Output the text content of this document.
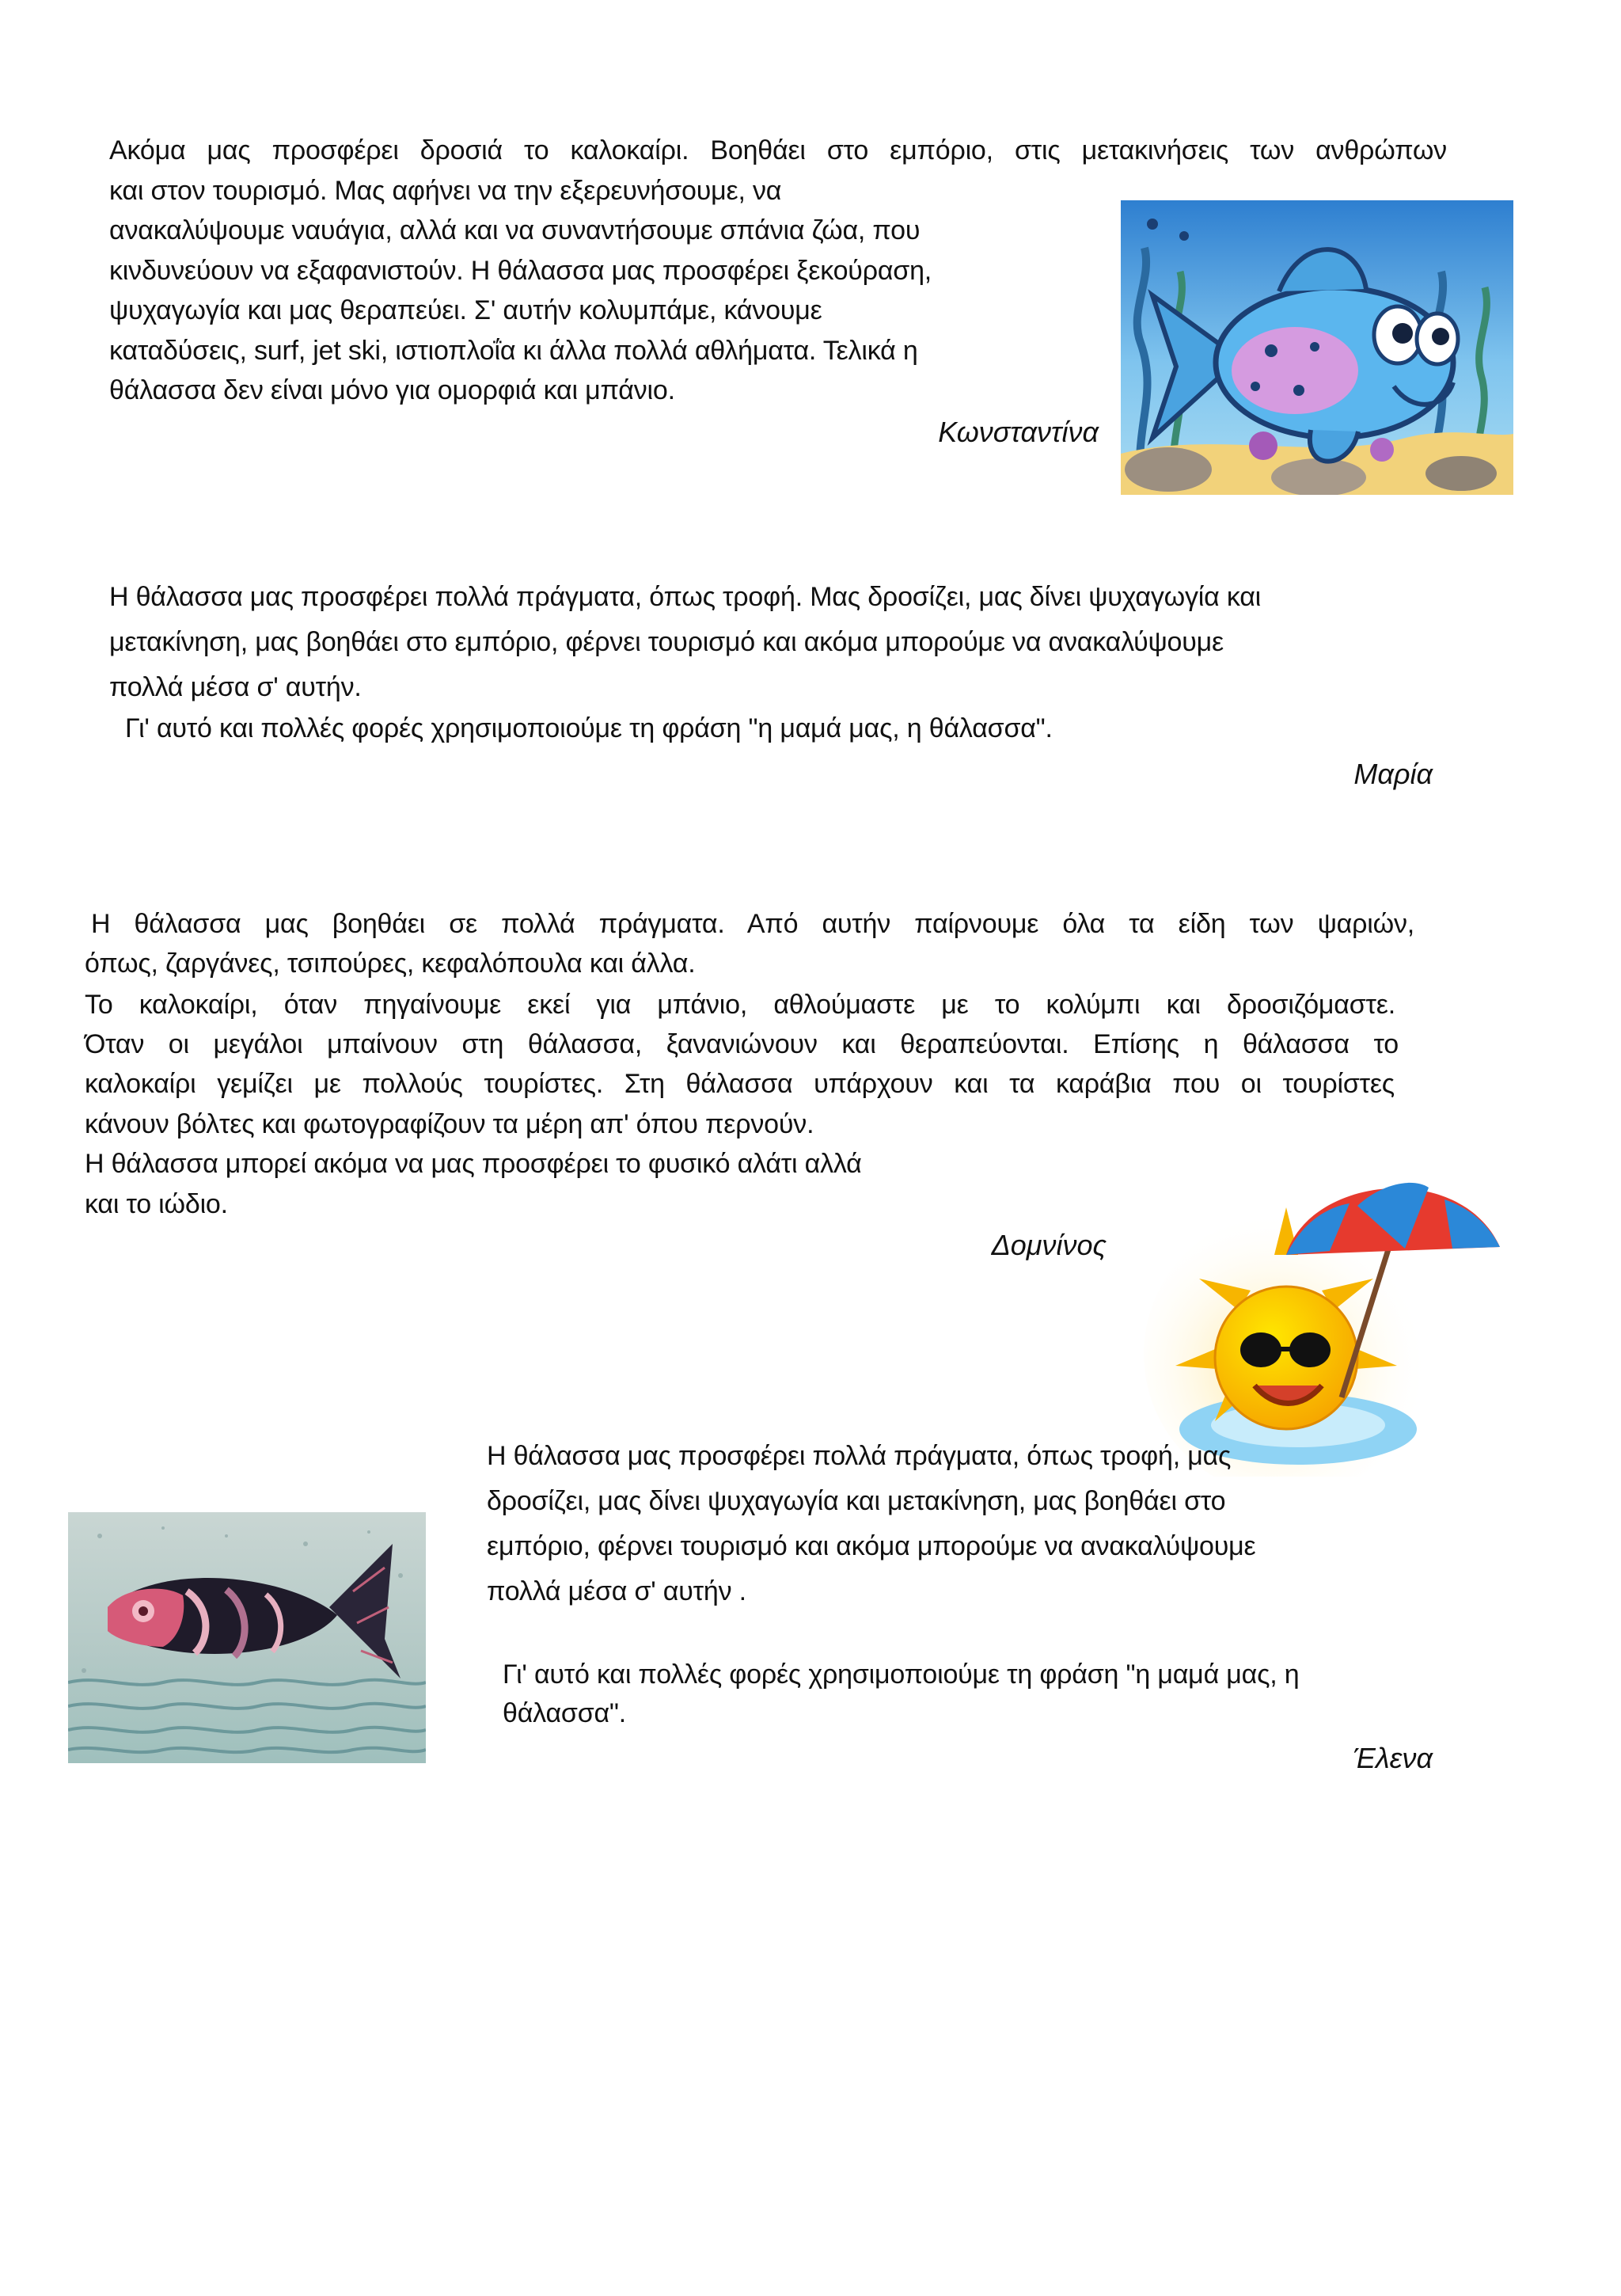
Ακόμα μας προσφέρει δροσιά το καλοκαίρι. Βοηθάει στο εμπόριο, στις μετακινήσεις των ανθρώπων
και στον τουρισμό. Μας αφήνει να την εξερευνήσουμε, να
ανακαλύψουμε ναυάγια, αλλά και να συναντήσουμε σπάνια ζώα, που
κινδυνεύουν να εξαφανιστούν. Η θάλασσα μας προσφέρει ξεκούραση,
ψυχαγωγία και μας θεραπεύει. Σ' αυτήν κολυμπάμε, κάνουμε
καταδύσεις, surf, jet ski, ιστιοπλοΐα κι άλλα πολλά αθλήματα. Τελικά η
θάλασσα δεν είναι μόνο για ομορφιά και μπάνιο.
Κωνσταντίνα
Η θάλασσα μας προσφέρει πολλά πράγματα, όπως τροφή. Μας δροσίζει, μας δίνει ψυχαγωγία και
μετακίνηση, μας βοηθάει στο εμπόριο, φέρνει τουρισμό και ακόμα μπορούμε να ανακαλύψουμε
πολλά μέσα σ' αυτήν.
Γι' αυτό και πολλές φορές χρησιμοποιούμε τη φράση "η μαμά μας, η θάλασσα".
Μαρία
Η θάλασσα μας βοηθάει σε πολλά πράγματα. Από αυτήν παίρνουμε όλα τα είδη των ψαριών,
όπως, ζαργάνες, τσιπούρες, κεφαλόπουλα και άλλα.
Το καλοκαίρι, όταν πηγαίνουμε εκεί για μπάνιο, αθλούμαστε με το κολύμπι και δροσιζόμαστε.
Όταν οι μεγάλοι μπαίνουν στη θάλασσα, ξανανιώνουν και θεραπεύονται. Επίσης η θάλασσα το
καλοκαίρι γεμίζει με πολλούς τουρίστες. Στη θάλασσα υπάρχουν και τα καράβια που οι τουρίστες
κάνουν βόλτες και φωτογραφίζουν τα μέρη απ' όπου περνούν.
Η θάλασσα μπορεί ακόμα να μας προσφέρει το φυσικό αλάτι αλλά
και το ιώδιο.
Δομνίνος
Η θάλασσα μας προσφέρει πολλά πράγματα, όπως τροφή, μας
δροσίζει, μας δίνει ψυχαγωγία και μετακίνηση, μας βοηθάει στο
εμπόριο, φέρνει τουρισμό και ακόμα μπορούμε να ανακαλύψουμε
πολλά μέσα σ' αυτήν .
Γι' αυτό και πολλές φορές χρησιμοποιούμε τη φράση "η μαμά μας, η
θάλασσα".
Έλενα
